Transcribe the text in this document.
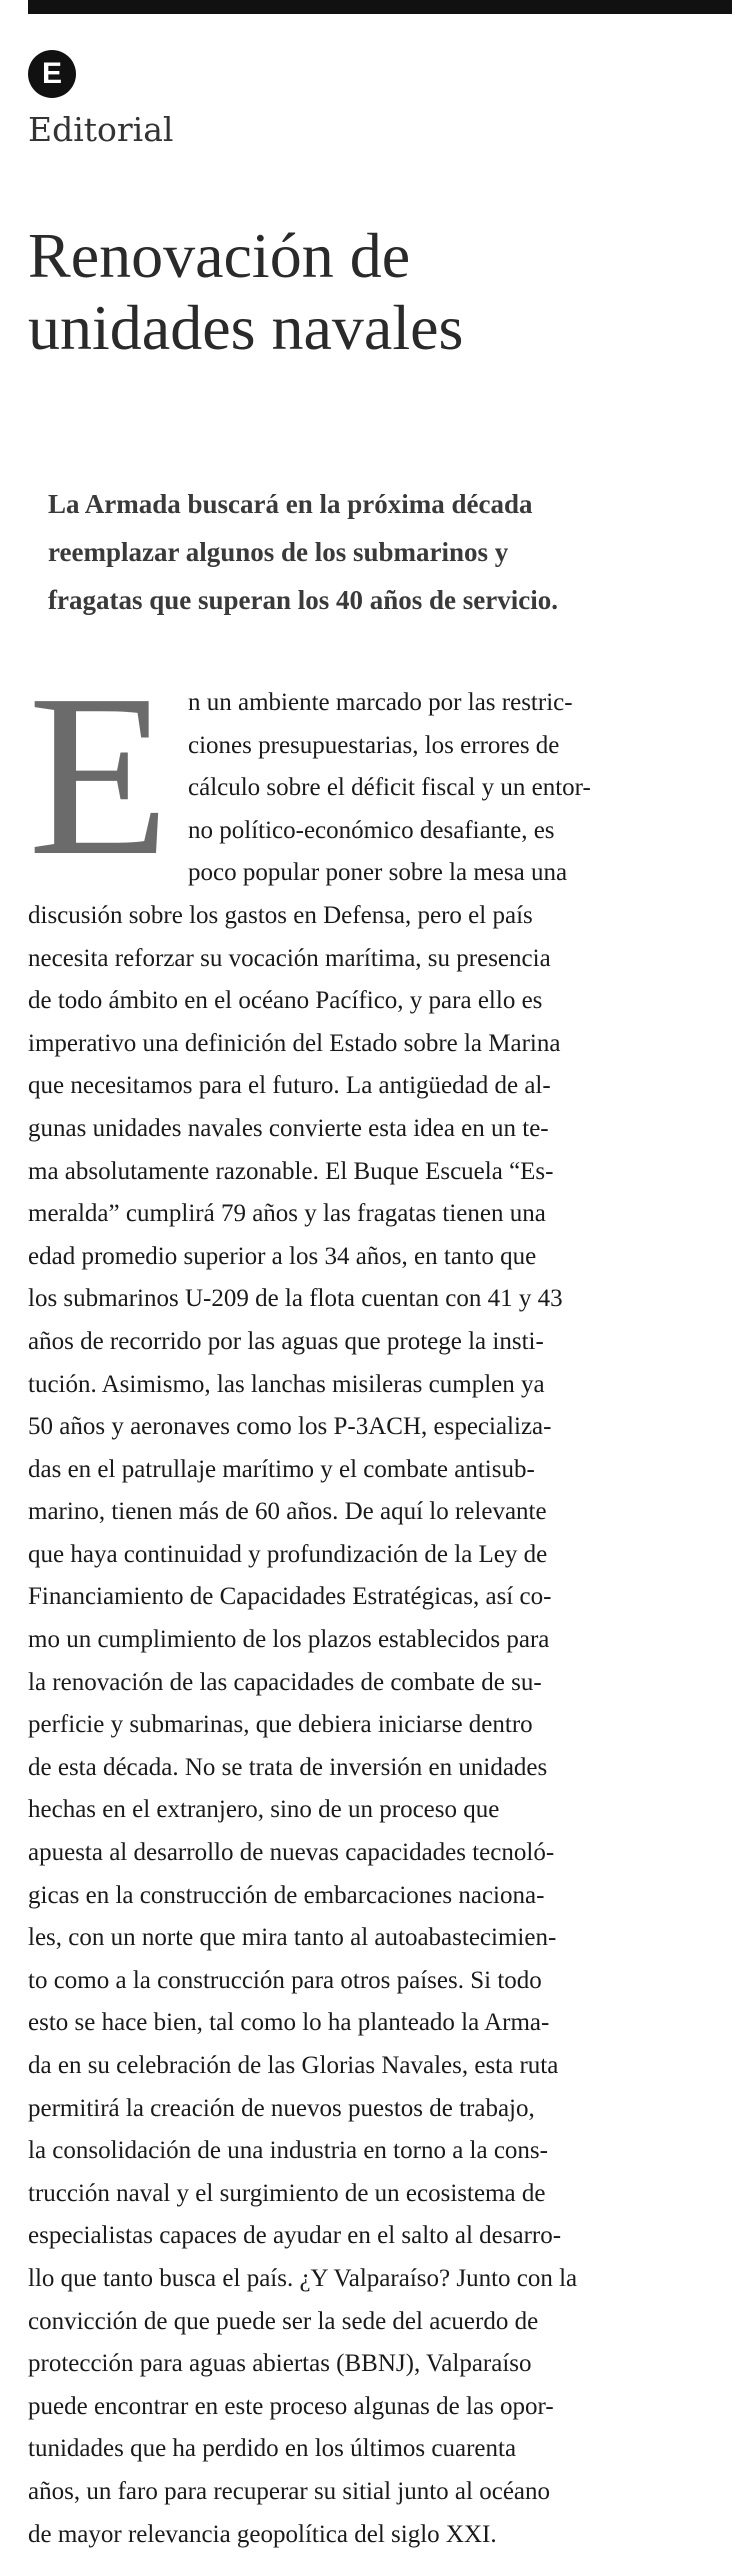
E
Editorial
Renovación de
unidades navales
La Armada buscará en la próxima década
reemplazar algunos de los submarinos y
fragatas que superan los 40 años de servicio.
E n un ambiente marcado por las restric-
ciones presupuestarias, los errores de
cálculo sobre el déficit fiscal y un entor-
no político-económico desafiante, es
poco popular poner sobre la mesa una
discusión sobre los gastos en Defensa, pero el país
necesita reforzar su vocación marítima, su presencia
de todo ámbito en el océano Pacífico, y para ello es
imperativo una definición del Estado sobre la Marina
que necesitamos para el futuro. La antigüedad de al-
gunas unidades navales convierte esta idea en un te-
ma absolutamente razonable. El Buque Escuela “Es-
meralda” cumplirá 79 años y las fragatas tienen una
edad promedio superior a los 34 años, en tanto que
los submarinos U-209 de la flota cuentan con 41 y 43
años de recorrido por las aguas que protege la insti-
tución. Asimismo, las lanchas misileras cumplen ya
50 años y aeronaves como los P-3ACH, especializa-
das en el patrullaje marítimo y el combate antisub-
marino, tienen más de 60 años. De aquí lo relevante
que haya continuidad y profundización de la Ley de
Financiamiento de Capacidades Estratégicas, así co-
mo un cumplimiento de los plazos establecidos para
la renovación de las capacidades de combate de su-
perficie y submarinas, que debiera iniciarse dentro
de esta década. No se trata de inversión en unidades
hechas en el extranjero, sino de un proceso que
apuesta al desarrollo de nuevas capacidades tecnoló-
gicas en la construcción de embarcaciones naciona-
les, con un norte que mira tanto al autoabastecimien-
to como a la construcción para otros países. Si todo
esto se hace bien, tal como lo ha planteado la Arma-
da en su celebración de las Glorias Navales, esta ruta
permitirá la creación de nuevos puestos de trabajo,
la consolidación de una industria en torno a la cons-
trucción naval y el surgimiento de un ecosistema de
especialistas capaces de ayudar en el salto al desarro-
llo que tanto busca el país. ¿Y Valparaíso? Junto con la
convicción de que puede ser la sede del acuerdo de
protección para aguas abiertas (BBNJ), Valparaíso
puede encontrar en este proceso algunas de las opor-
tunidades que ha perdido en los últimos cuarenta
años, un faro para recuperar su sitial junto al océano
de mayor relevancia geopolítica del siglo XXI.
